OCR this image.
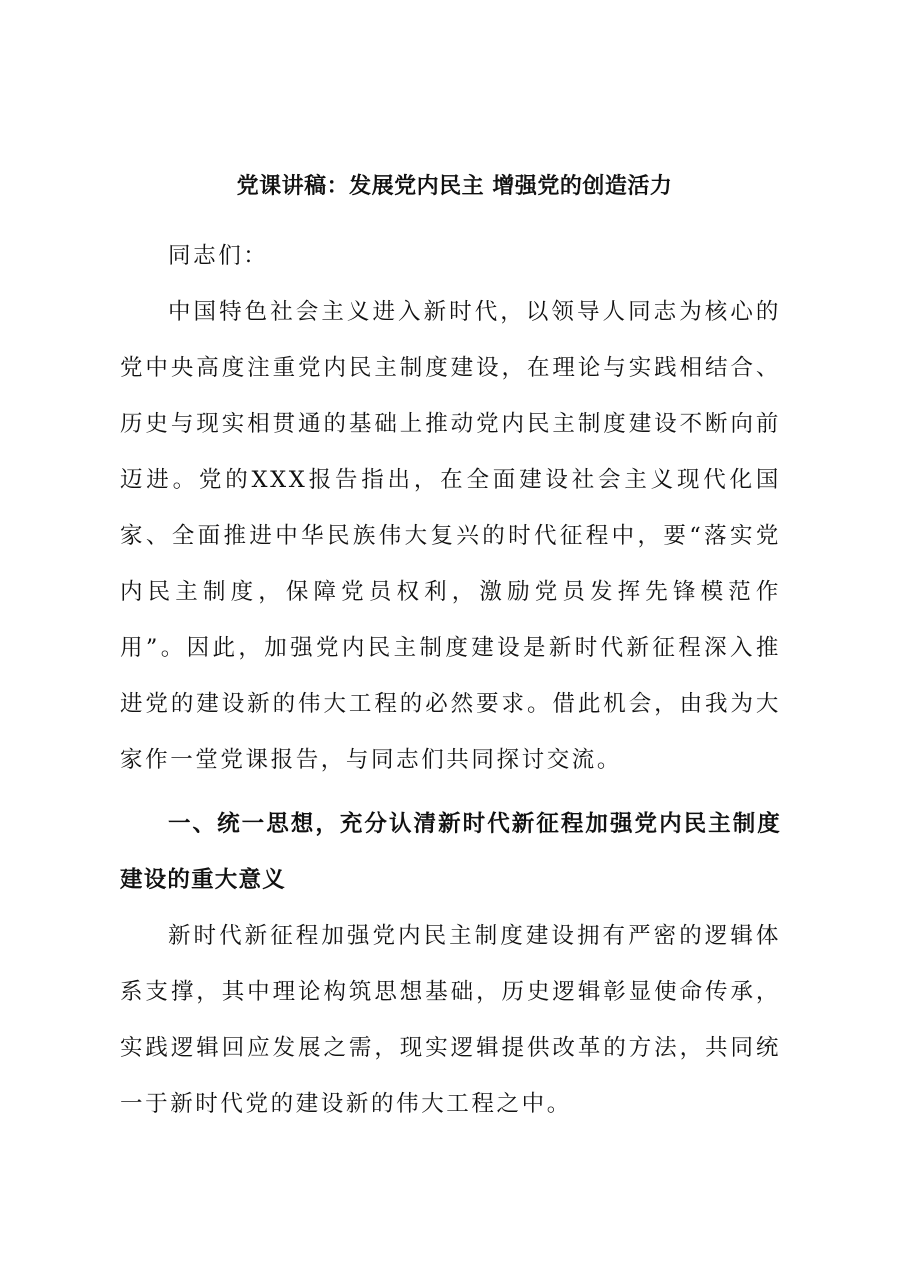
党课讲稿：发展党内民主 增强党的创造活力

同志们：

中国特色社会主义进入新时代，以领导人同志为核心的党中央高度注重党内民主制度建设，在理论与实践相结合、历史与现实相贯通的基础上推动党内民主制度建设不断向前迈进。党的XXX报告指出，在全面建设社会主义现代化国家、全面推进中华民族伟大复兴的时代征程中，要“落实党内民主制度，保障党员权利，激励党员发挥先锋模范作用”。因此，加强党内民主制度建设是新时代新征程深入推进党的建设新的伟大工程的必然要求。借此机会，由我为大家作一堂党课报告，与同志们共同探讨交流。

一、统一思想，充分认清新时代新征程加强党内民主制度建设的重大意义

新时代新征程加强党内民主制度建设拥有严密的逻辑体系支撑，其中理论构筑思想基础，历史逻辑彰显使命传承，实践逻辑回应发展之需，现实逻辑提供改革的方法，共同统一于新时代党的建设新的伟大工程之中。
